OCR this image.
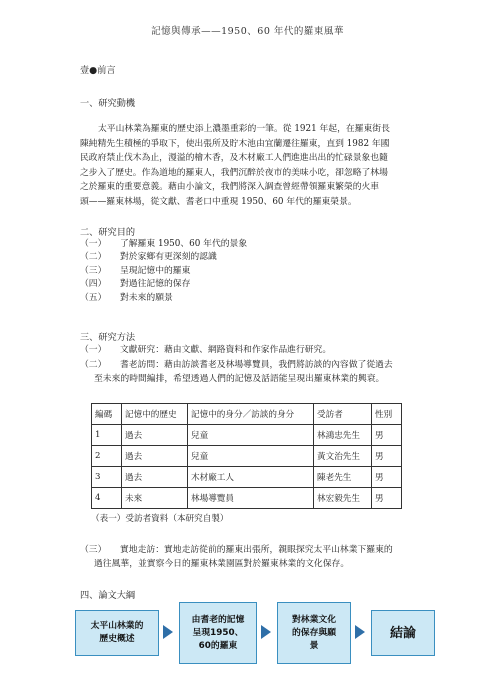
記憶與傳承——1950、60 年代的羅東風華
壹●前言
一、研究動機
太平山林業為羅東的歷史添上濃墨重彩的一筆。從 1921 年起，在羅東街長
陳純精先生積極的爭取下，使出張所及貯木池由宜蘭遷往羅東，直到 1982 年國
民政府禁止伐木為止，漫溢的檜木香，及木材廠工人們進進出出的忙碌景象也隨
之步入了歷史。作為道地的羅東人，我們沉醉於夜市的美味小吃，卻忽略了林場
之於羅東的重要意義。藉由小論文，我們將深入調查曾經帶領羅東繁榮的火車
頭——羅東林場，從文獻、耆老口中重現 1950、60 年代的羅東榮景。
二、研究目的
（一）	了解羅東 1950、60 年代的景象
（二）	對於家鄉有更深刻的認識
（三）	呈現記憶中的羅東
（四）	對過往記憶的保存
（五）	對未來的願景
三、研究方法
（一） 文獻研究：藉由文獻、網路資料和作家作品進行研究。
（二） 耆老訪問：藉由訪談耆老及林場導覽員，我們將訪談的內容做了從過去
至未來的時間編排，希望透過人們的記憶及話語能呈現出羅東林業的興衰。
編碼	記憶中的歷史	記憶中的身分／訪談的身分	受訪者	性別
1	過去	兒童	林鴻忠先生	男
2	過去	兒童	黃文治先生	男
3	過去	木材廠工人	陳老先生	男
4	未來	林場導覽員	林宏毅先生	男
（表一）受訪者資料（本研究自製）
（三） 實地走訪：實地走訪從前的羅東出張所，親眼探究太平山林業下羅東的
過往風華，並實察今日的羅東林業園區對於羅東林業的文化保存。
四、論文大綱
太平山林業的
歷史概述
由耆老的記憶
呈現1950、
60的羅東
對林業文化
的保存與願
景
結論
